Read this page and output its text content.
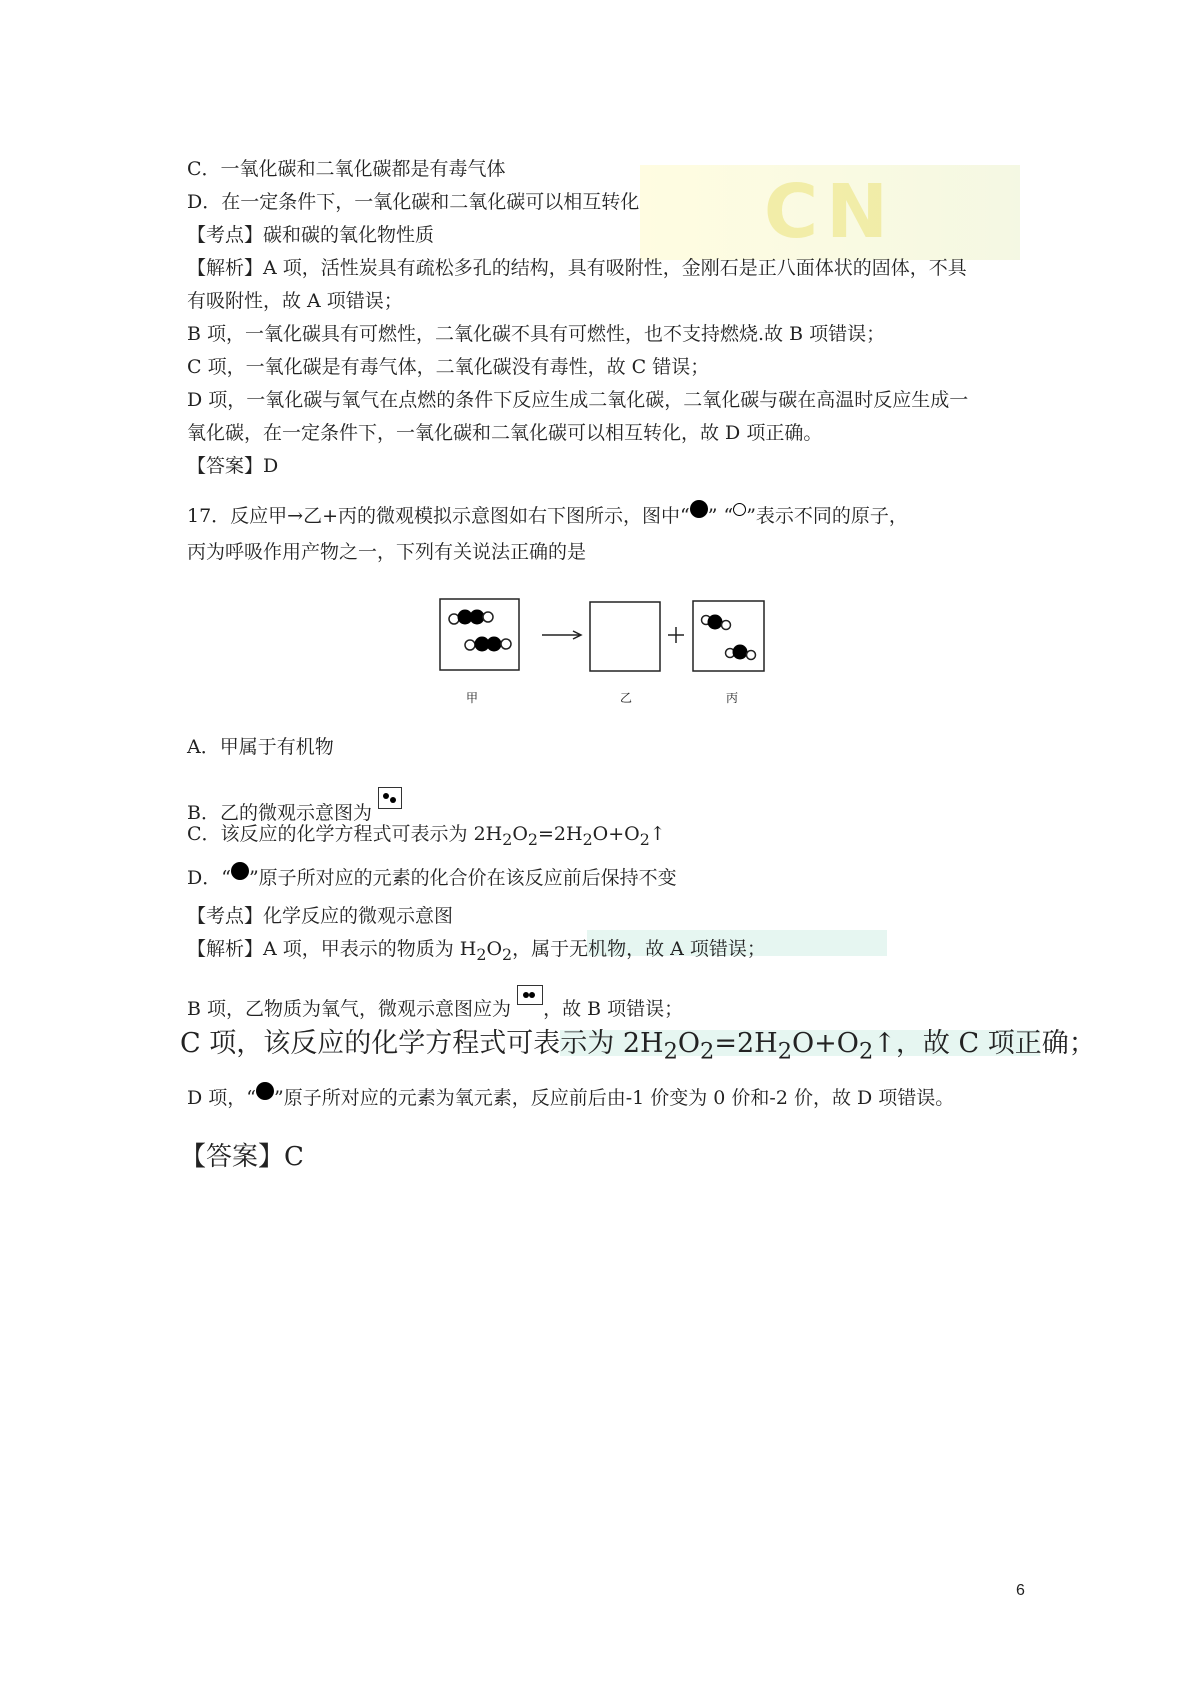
CN
C．一氧化碳和二氧化碳都是有毒气体
D．在一定条件下，一氧化碳和二氧化碳可以相互转化
【考点】碳和碳的氧化物性质
【解析】A 项，活性炭具有疏松多孔的结构，具有吸附性，金刚石是正八面体状的固体，不具
有吸附性，故 A 项错误；
B 项，一氧化碳具有可燃性，二氧化碳不具有可燃性，也不支持燃烧.故 B 项错误；
C 项，一氧化碳是有毒气体，二氧化碳没有毒性，故 C 错误；
D 项，一氧化碳与氧气在点燃的条件下反应生成二氧化碳，二氧化碳与碳在高温时反应生成一
氧化碳，在一定条件下，一氧化碳和二氧化碳可以相互转化，故 D 项正确。
【答案】D
17．反应甲→乙+丙的微观模拟示意图如右下图所示，图中“ ” “ ”表示不同的原子，
丙为呼吸作用产物之一，下列有关说法正确的是
甲	乙	丙
A．甲属于有机物
B．乙的微观示意图为
C．该反应的化学方程式可表示为 $2H_2O_2=2H_2O+O_2↑$
D．“ ”原子所对应的元素的化合价在该反应前后保持不变
【考点】化学反应的微观示意图
【解析】A 项，甲表示的物质为 $H_2O_2$，属于无机物，故 A 项错误；
B 项，乙物质为氧气，微观示意图应为 ，故 B 项错误；
C 项，该反应的化学方程式可表示为 $2H_2O_2=2H_2O+O_2↑$，故 C 项正确；
D 项，“ ”原子所对应的元素为氧元素，反应前后由-1 价变为 0 价和-2 价，故 D 项错误。
【答案】C
6
